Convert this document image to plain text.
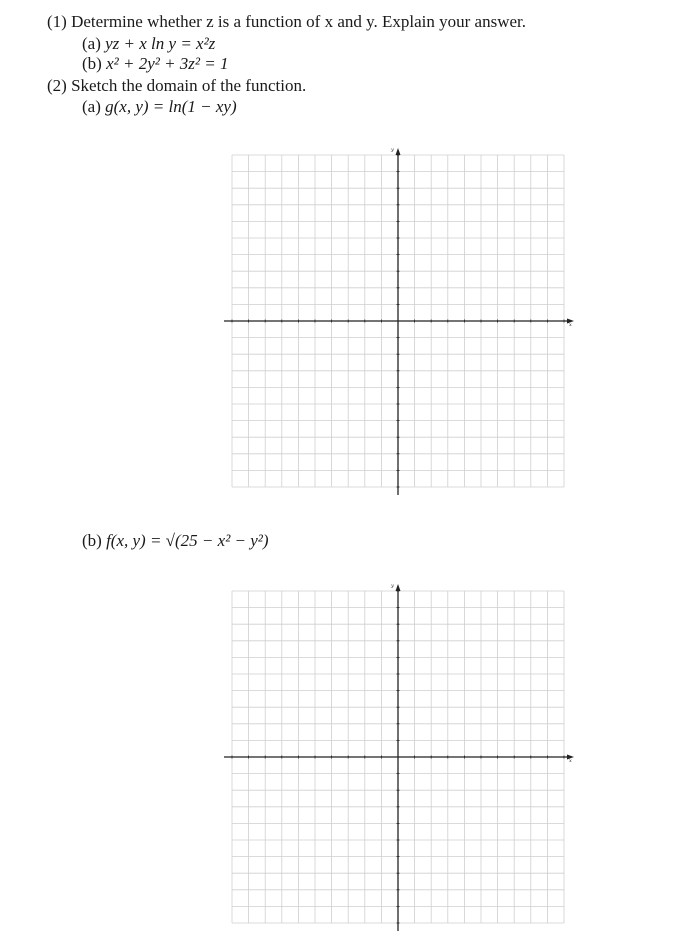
(1) Determine whether z is a function of x and y. Explain your answer.
(a) yz + x ln y = x²z
(b) x² + 2y² + 3z² = 1
(2) Sketch the domain of the function.
(a) g(x, y) = ln(1 − xy)
x
y
(b) f(x, y) = √(25 − x² − y²)
x
y
